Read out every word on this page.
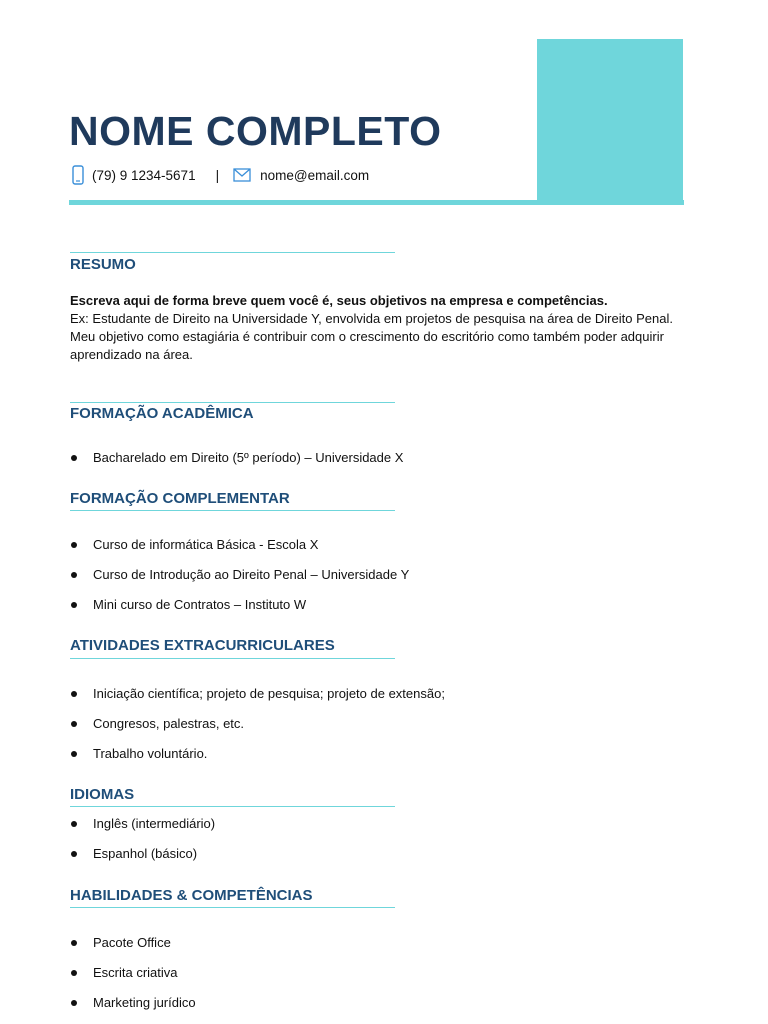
NOME COMPLETO
(79) 9 1234-5671 |	nome@email.com
RESUMO
Escreva aqui de forma breve quem você é, seus objetivos na empresa e competências.
Ex: Estudante de Direito na Universidade Y, envolvida em projetos de pesquisa na área de Direito Penal. Meu objetivo como estagiária é contribuir com o crescimento do escritório como também poder adquirir aprendizado na área.
FORMAÇÃO ACADÊMICA
Bacharelado em Direito (5º período) – Universidade X
FORMAÇÃO COMPLEMENTAR
Curso de informática Básica - Escola X
Curso de Introdução ao Direito Penal – Universidade Y
Mini curso de Contratos – Instituto W
ATIVIDADES EXTRACURRICULARES
Iniciação científica; projeto de pesquisa; projeto de extensão;
Congresos, palestras, etc.
Trabalho voluntário.
IDIOMAS
Inglês (intermediário)
Espanhol (básico)
HABILIDADES & COMPETÊNCIAS
Pacote Office
Escrita criativa
Marketing jurídico
